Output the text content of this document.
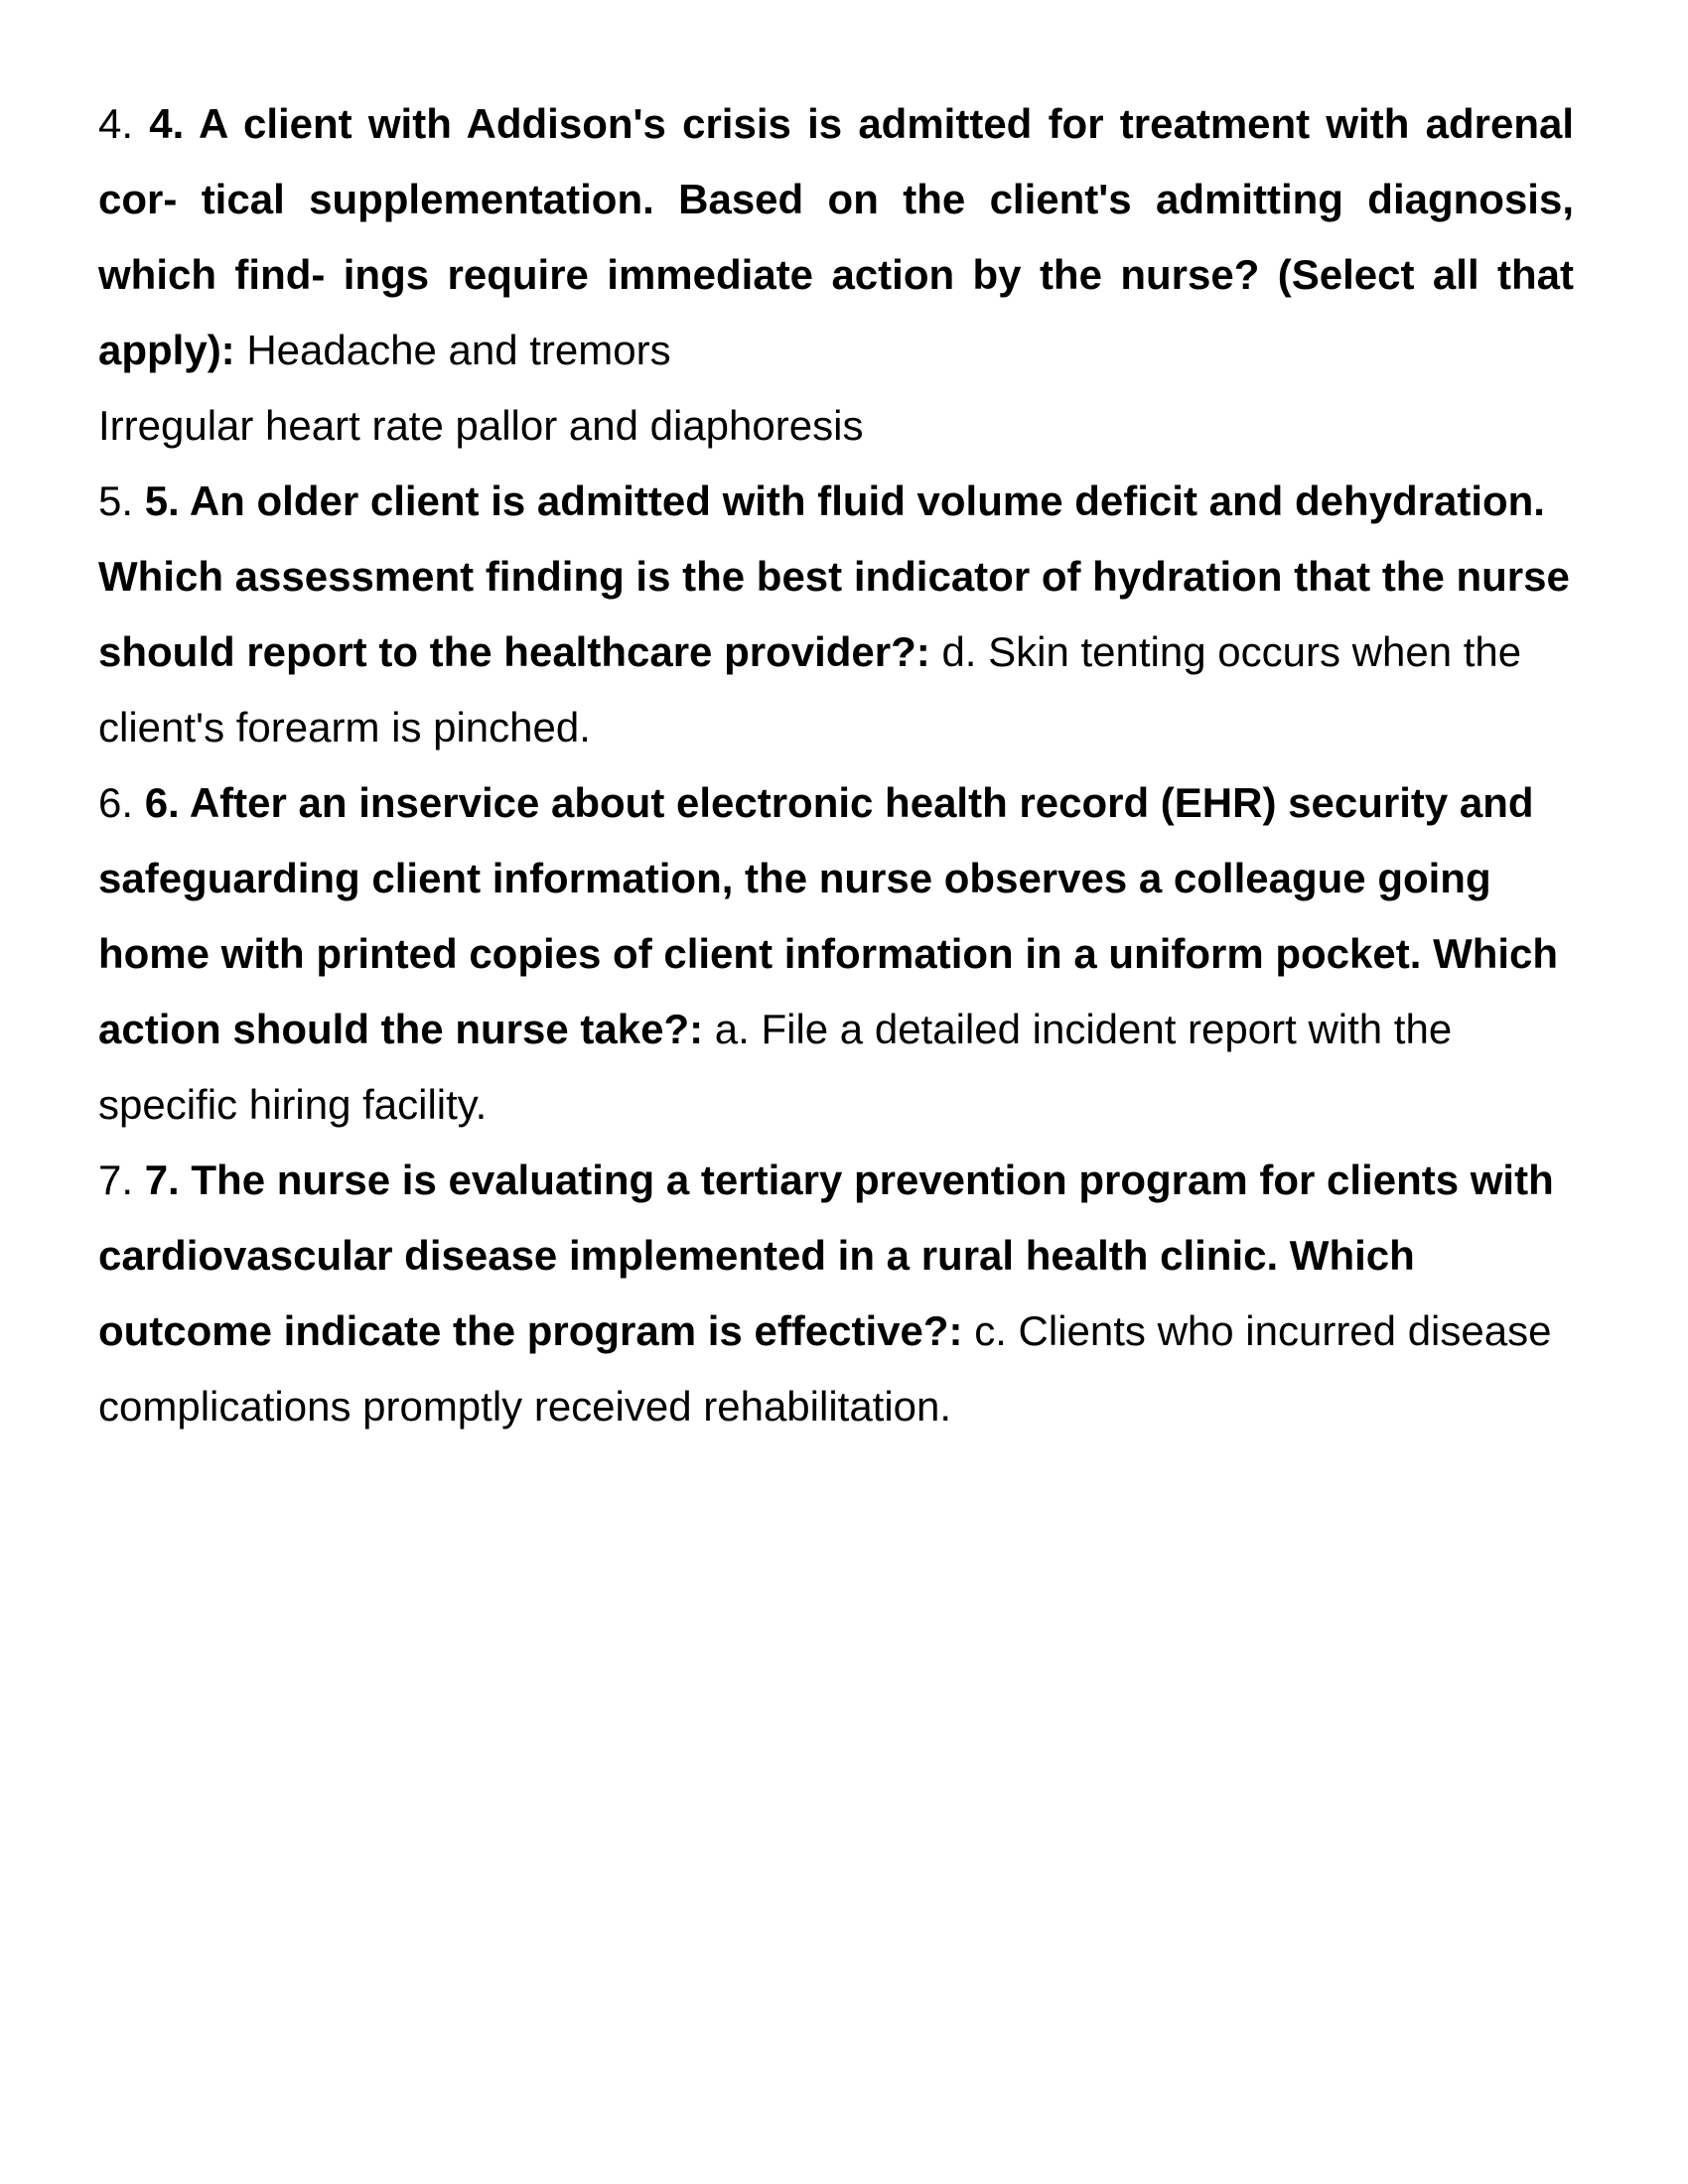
4. 4. A client with Addison's crisis is admitted for treatment with adrenal cor- tical supplementation. Based on the client's admitting diagnosis, which find- ings require immediate action by the nurse? (Select all that apply): Headache and tremors

Irregular heart rate pallor and diaphoresis

5. 5. An older client is admitted with fluid volume deficit and dehydration. Which assessment finding is the best indicator of hydration that the nurse should report to the healthcare provider?: d. Skin tenting occurs when the client's forearm is pinched.

6. 6. After an inservice about electronic health record (EHR) security and safeguarding client information, the nurse observes a colleague going home with printed copies of client information in a uniform pocket. Which action should the nurse take?: a. File a detailed incident report with the specific hiring facility.

7. 7. The nurse is evaluating a tertiary prevention program for clients with cardiovascular disease implemented in a rural health clinic. Which outcome indicate the program is effective?: c. Clients who incurred disease complications promptly received rehabilitation.
